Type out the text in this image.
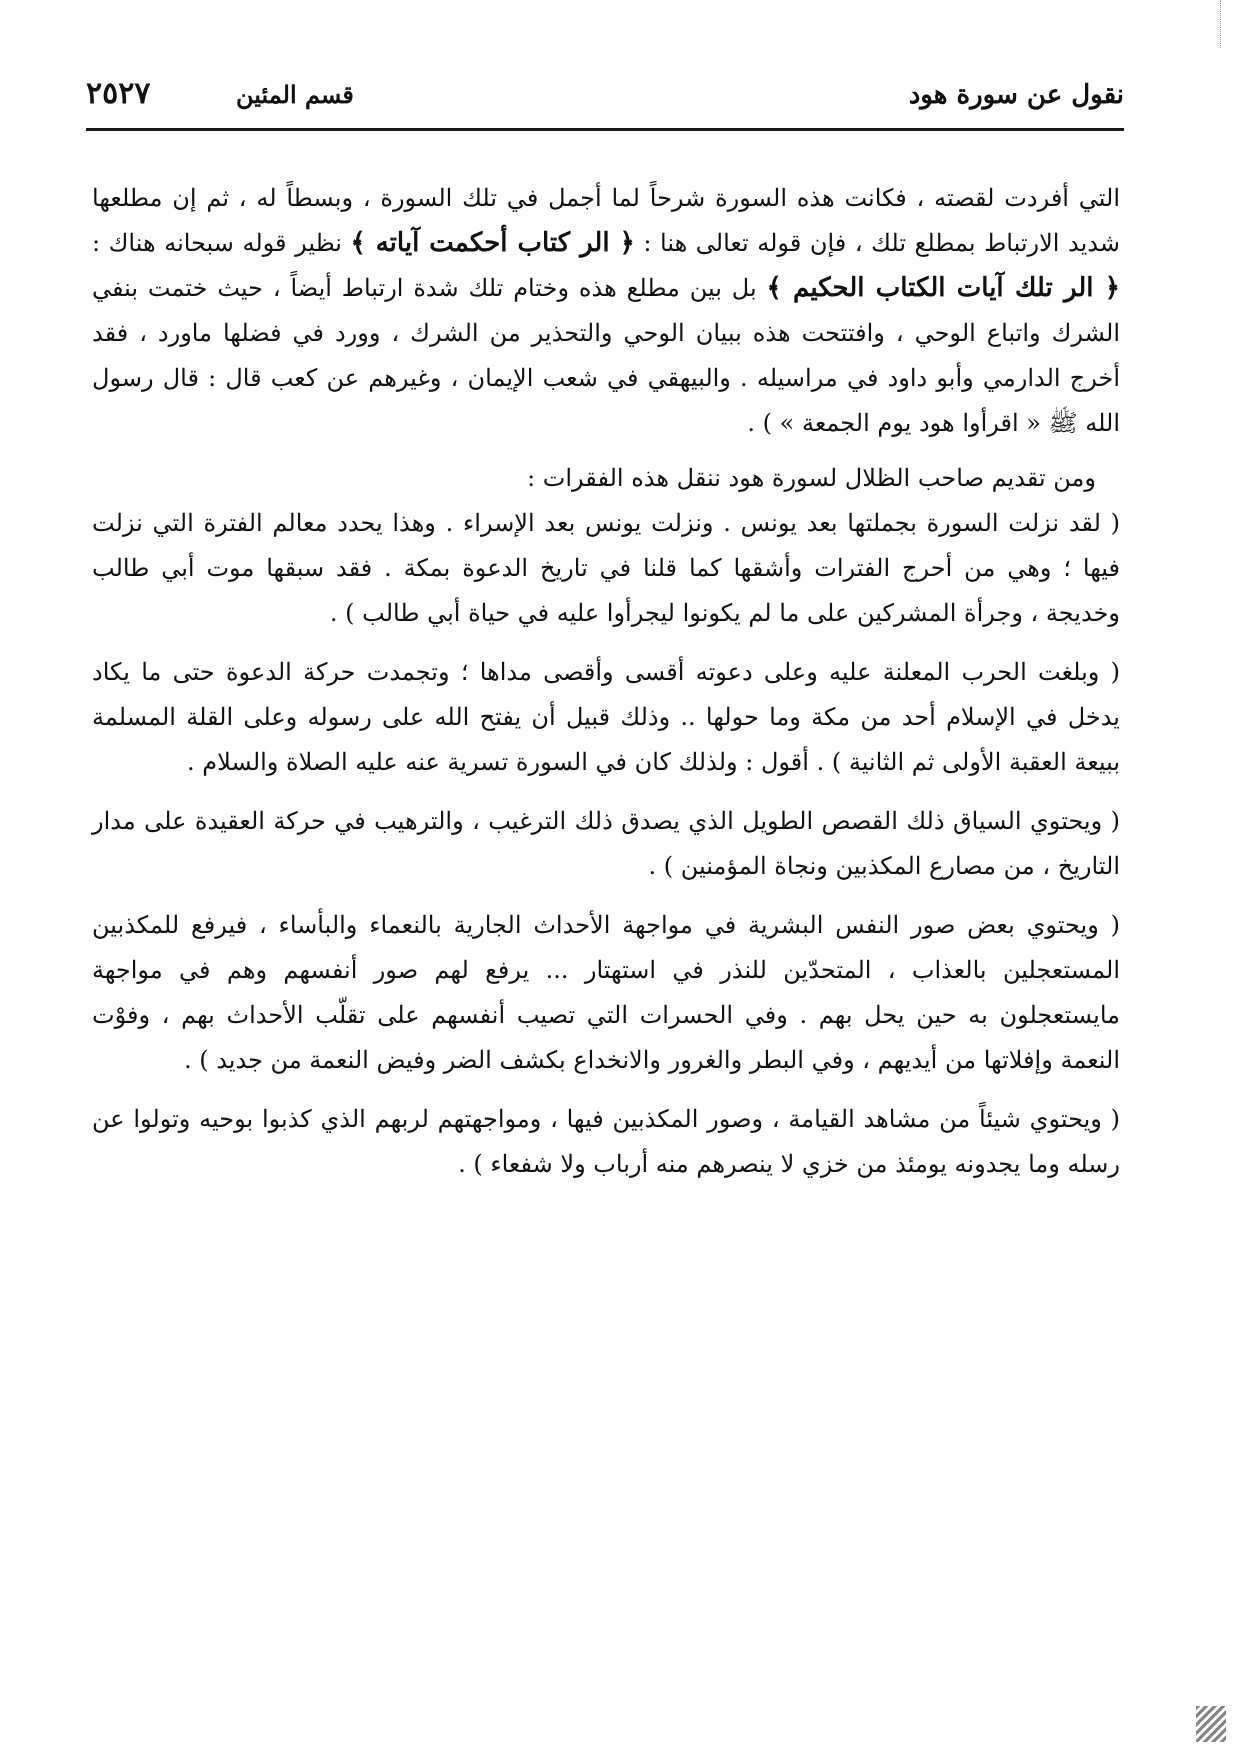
نقول عن سورة هود
قسم المئين
٢٥٢٧

التي أفردت لقصته ، فكانت هذه السورة شرحاً لما أجمل في تلك السورة ، وبسطاً له ، ثم إن مطلعها شديد الارتباط بمطلع تلك ، فإن قوله تعالى هنا : ﴿ الر كتاب أحكمت آياته ﴾ نظير قوله سبحانه هناك : ﴿ الر تلك آيات الكتاب الحكيم ﴾ بل بين مطلع هذه وختام تلك شدة ارتباط أيضاً ، حيث ختمت بنفي الشرك واتباع الوحي ، وافتتحت هذه ببيان الوحي والتحذير من الشرك ، وورد في فضلها ماورد ، فقد أخرج الدارمي وأبو داود في مراسيله . والبيهقي في شعب الإيمان ، وغيرهم عن كعب قال : قال رسول الله ﷺ « اقرأوا هود يوم الجمعة » ) .

ومن تقديم صاحب الظلال لسورة هود ننقل هذه الفقرات :

( لقد نزلت السورة بجملتها بعد يونس . ونزلت يونس بعد الإسراء . وهذا يحدد معالم الفترة التي نزلت فيها ؛ وهي من أحرج الفترات وأشقها كما قلنا في تاريخ الدعوة بمكة . فقد سبقها موت أبي طالب وخديجة ، وجرأة المشركين على ما لم يكونوا ليجرأوا عليه في حياة أبي طالب ) .

( وبلغت الحرب المعلنة عليه وعلى دعوته أقسى وأقصى مداها ؛ وتجمدت حركة الدعوة حتى ما يكاد يدخل في الإسلام أحد من مكة وما حولها .. وذلك قبيل أن يفتح الله على رسوله وعلى القلة المسلمة ببيعة العقبة الأولى ثم الثانية ) . أقول : ولذلك كان في السورة تسرية عنه عليه الصلاة والسلام .

( ويحتوي السياق ذلك القصص الطويل الذي يصدق ذلك الترغيب ، والترهيب في حركة العقيدة على مدار التاريخ ، من مصارع المكذبين ونجاة المؤمنين ) .

( ويحتوي بعض صور النفس البشرية في مواجهة الأحداث الجارية بالنعماء والبأساء ، فيرفع للمكذبين المستعجلين بالعذاب ، المتحدّين للنذر في استهتار ... يرفع لهم صور أنفسهم وهم في مواجهة مايستعجلون به حين يحل بهم . وفي الحسرات التي تصيب أنفسهم على تقلّب الأحداث بهم ، وفوْت النعمة وإفلاتها من أيديهم ، وفي البطر والغرور والانخداع بكشف الضر وفيض النعمة من جديد ) .

( ويحتوي شيئاً من مشاهد القيامة ، وصور المكذبين فيها ، ومواجهتهم لربهم الذي كذبوا بوحيه وتولوا عن رسله وما يجدونه يومئذ من خزي لا ينصرهم منه أرباب ولا شفعاء ) .
